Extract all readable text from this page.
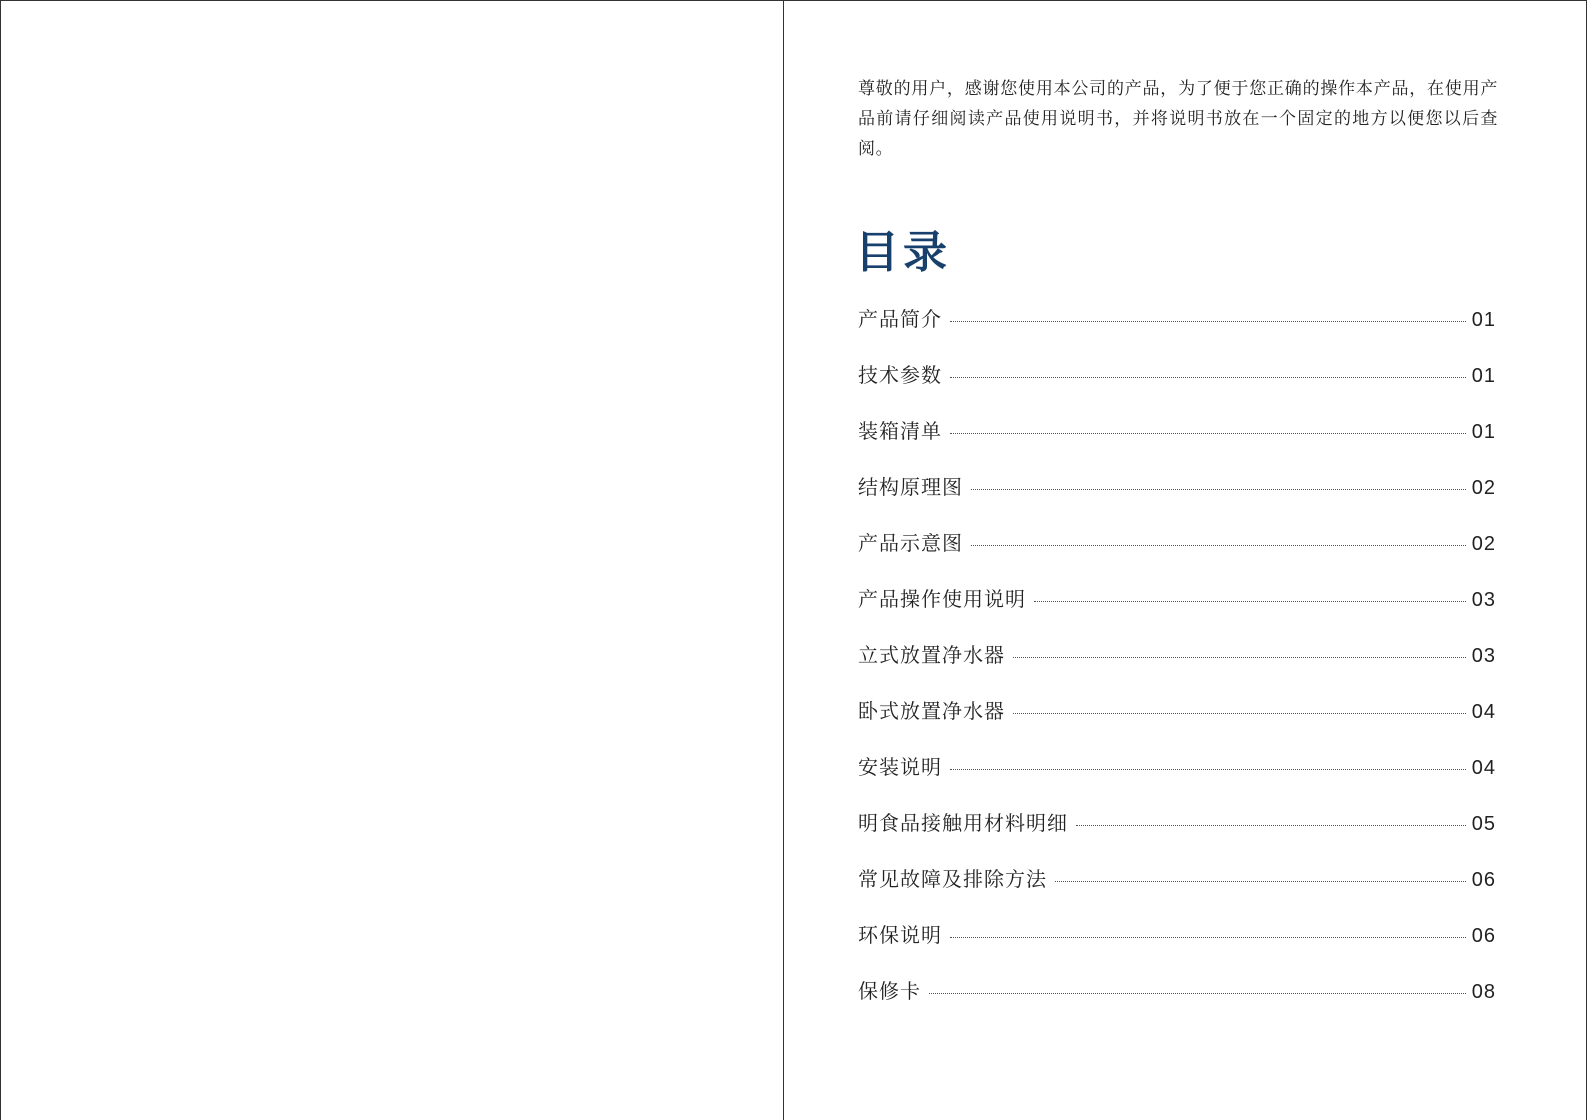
尊敬的用户，感谢您使用本公司的产品，为了便于您正确的操作本产品，在使用产品前请仔细阅读产品使用说明书，并将说明书放在一个固定的地方以便您以后查阅。

目录
产品简介	01
技术参数	01
装箱清单	01
结构原理图	02
产品示意图	02
产品操作使用说明	03
立式放置净水器	03
卧式放置净水器	04
安装说明	04
明食品接触用材料明细	05
常见故障及排除方法	06
环保说明	06
保修卡	08
